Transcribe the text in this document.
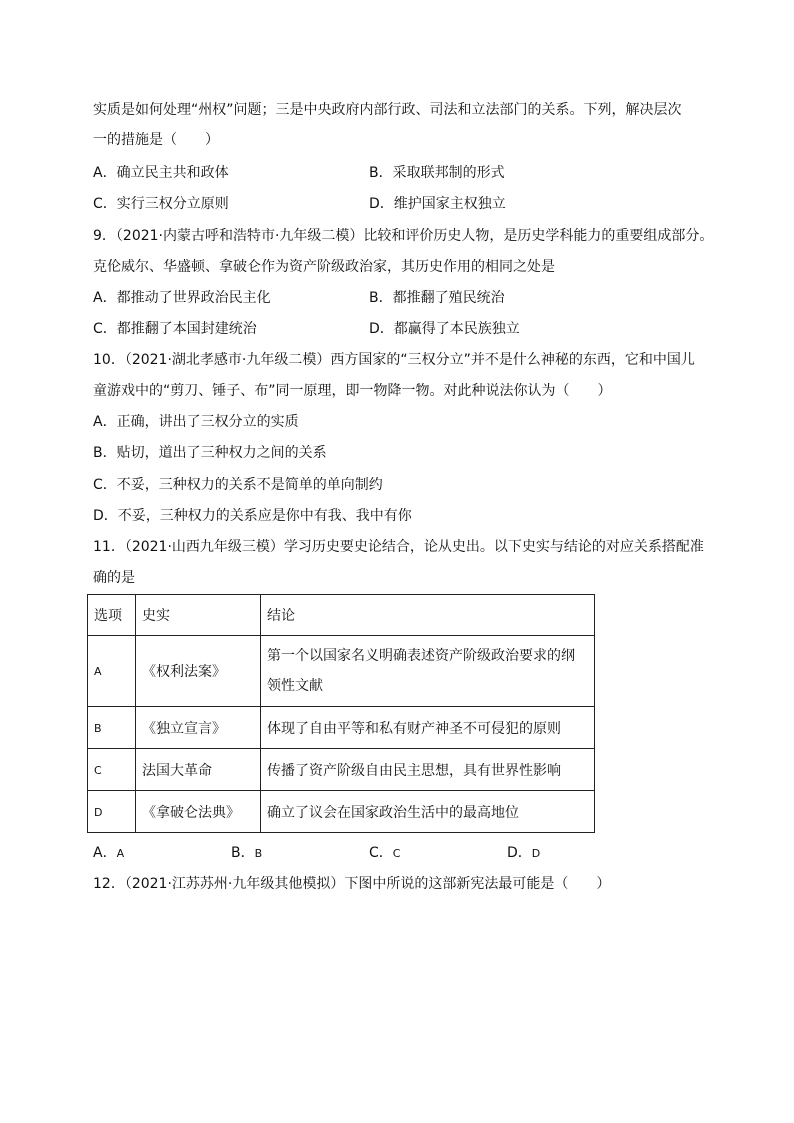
实质是如何处理“州权”问题；三是中央政府内部行政、司法和立法部门的关系。下列，解决层次
一的措施是（　　）
A．确立民主共和政体	B．采取联邦制的形式
C．实行三权分立原则	D．维护国家主权独立
9．（2021·内蒙古呼和浩特市·九年级二模）比较和评价历史人物，是历史学科能力的重要组成部分。
克伦威尔、华盛顿、拿破仑作为资产阶级政治家，其历史作用的相同之处是
A．都推动了世界政治民主化	B．都推翻了殖民统治
C．都推翻了本国封建统治	D．都赢得了本民族独立
10．（2021·湖北孝感市·九年级二模）西方国家的“三权分立”并不是什么神秘的东西，它和中国儿
童游戏中的“剪刀、锤子、布”同一原理，即一物降一物。对此种说法你认为（　　）
A．正确，讲出了三权分立的实质
B．贴切，道出了三种权力之间的关系
C．不妥，三种权力的关系不是简单的单向制约
D．不妥，三种权力的关系应是你中有我、我中有你
11．（2021·山西九年级三模）学习历史要史论结合，论从史出。以下史实与结论的对应关系搭配准
确的是
选项	史实	结论
A	《权利法案》	第一个以国家名义明确表述资产阶级政治要求的纲
领性文献

B	《独立宣言》	体现了自由平等和私有财产神圣不可侵犯的原则
C	法国大革命	传播了资产阶级自由民主思想，具有世界性影响
D	《拿破仑法典》	确立了议会在国家政治生活中的最高地位
A．A	B．B	C．C	D．D
12．（2021·江苏苏州·九年级其他模拟）下图中所说的这部新宪法最可能是（　　）
